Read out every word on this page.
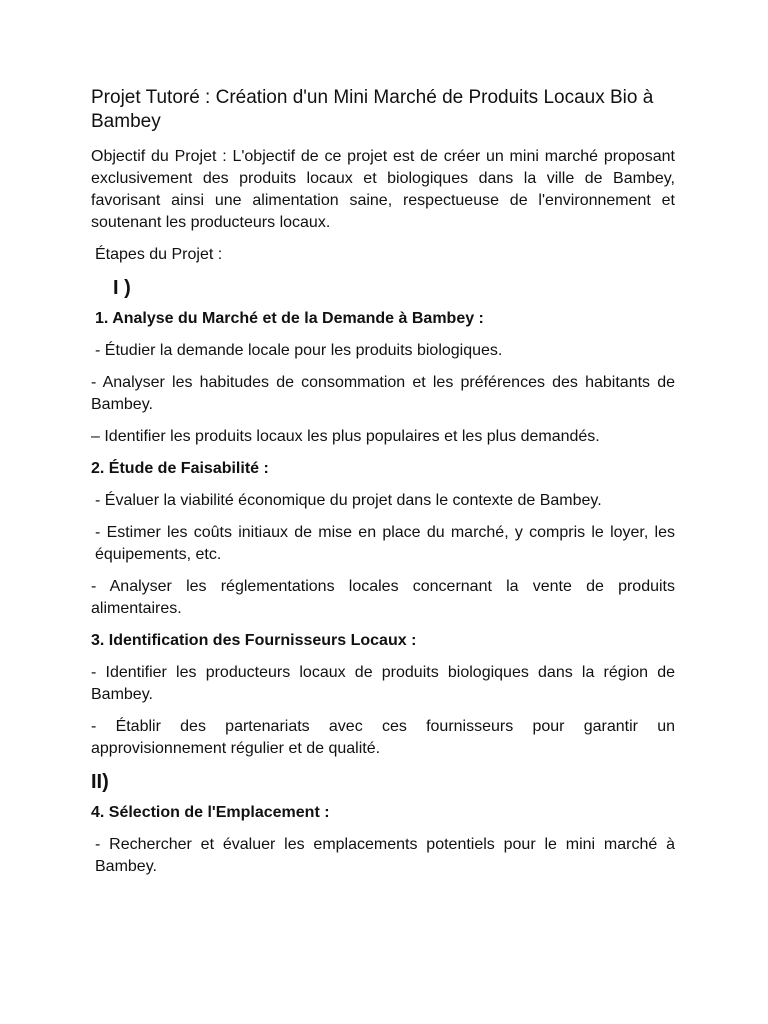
Projet Tutoré : Création d'un Mini Marché de Produits Locaux Bio à Bambey

Objectif du Projet : L'objectif de ce projet est de créer un mini marché proposant exclusivement des produits locaux et biologiques dans la ville de Bambey, favorisant ainsi une alimentation saine, respectueuse de l'environnement et soutenant les producteurs locaux.

Étapes du Projet :

I )

1. Analyse du Marché et de la Demande à Bambey :

- Étudier la demande locale pour les produits biologiques.

- Analyser les habitudes de consommation et les préférences des habitants de Bambey.

– Identifier les produits locaux les plus populaires et les plus demandés.

2. Étude de Faisabilité :

- Évaluer la viabilité économique du projet dans le contexte de Bambey.

- Estimer les coûts initiaux de mise en place du marché, y compris le loyer, les équipements, etc.

- Analyser les réglementations locales concernant la vente de produits alimentaires.

3. Identification des Fournisseurs Locaux :

- Identifier les producteurs locaux de produits biologiques dans la région de Bambey.

- Établir des partenariats avec ces fournisseurs pour garantir un approvisionnement régulier et de qualité.

II)

4. Sélection de l'Emplacement :

- Rechercher et évaluer les emplacements potentiels pour le mini marché à Bambey.
